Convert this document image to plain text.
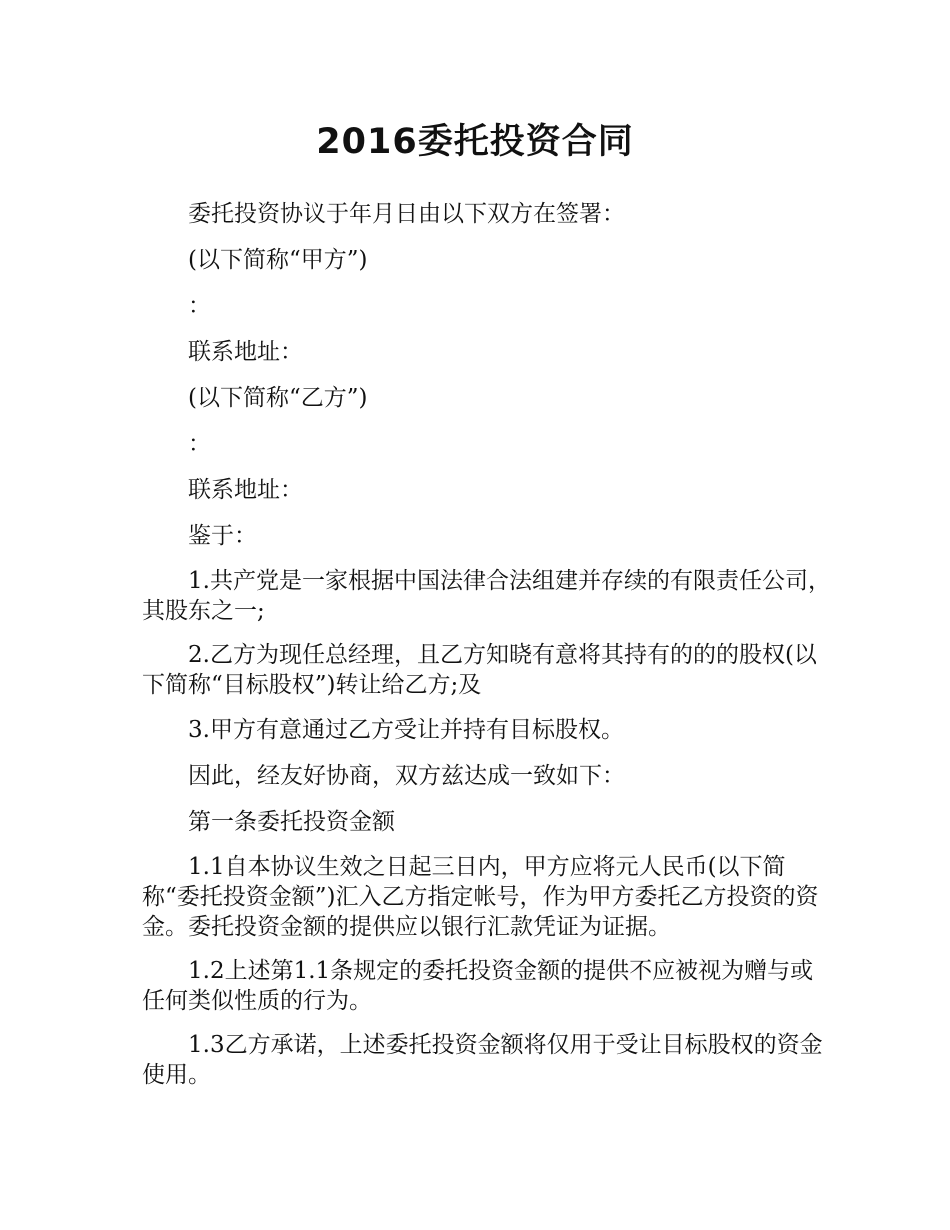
2016委托投资合同

委托投资协议于年月日由以下双方在签署：

(以下简称“甲方”)

：

联系地址：

(以下简称“乙方”)

：

联系地址：

鉴于：

1.共产党是一家根据中国法律合法组建并存续的有限责任公司，其股东之一;

2.乙方为现任总经理，且乙方知晓有意将其持有的的的股权(以下简称“目标股权”)转让给乙方;及

3.甲方有意通过乙方受让并持有目标股权。

因此，经友好协商，双方兹达成一致如下：

第一条委托投资金额

1.1自本协议生效之日起三日内，甲方应将元人民币(以下简称“委托投资金额”)汇入乙方指定帐号，作为甲方委托乙方投资的资金。委托投资金额的提供应以银行汇款凭证为证据。

1.2上述第1.1条规定的委托投资金额的提供不应被视为赠与或任何类似性质的行为。

1.3乙方承诺，上述委托投资金额将仅用于受让目标股权的资金使用。
